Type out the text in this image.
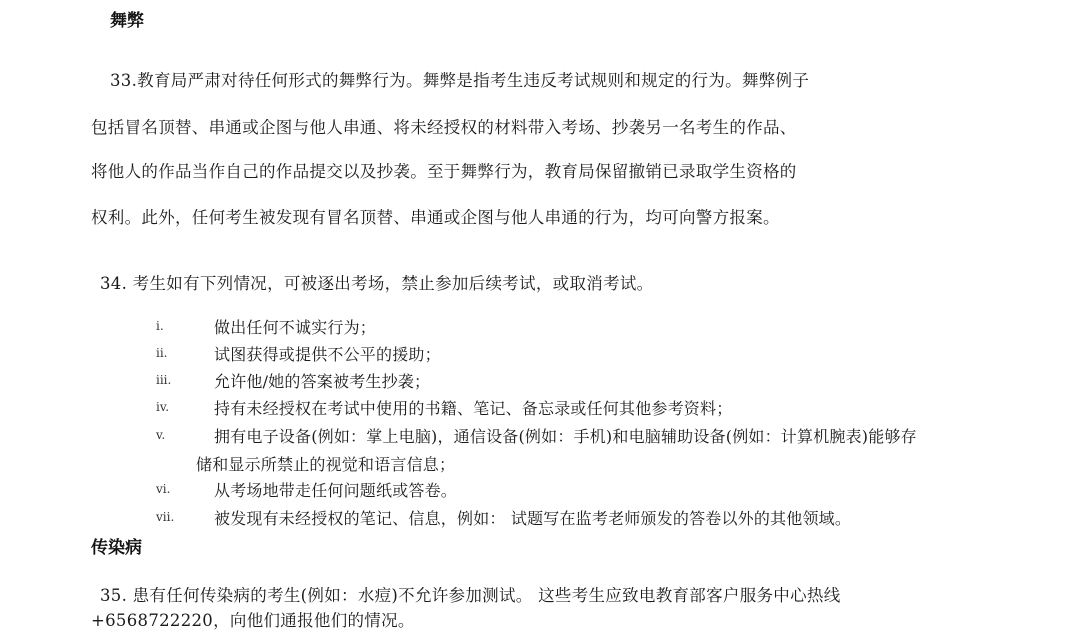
舞弊
33.教育局严肃对待任何形式的舞弊行为。舞弊是指考生违反考试规则和规定的行为。舞弊例子
包括冒名顶替、串通或企图与他人串通、将未经授权的材料带入考场、抄袭另一名考生的作品、
将他人的作品当作自己的作品提交以及抄袭。至于舞弊行为，教育局保留撤销已录取学生资格的
权利。此外，任何考生被发现有冒名顶替、串通或企图与他人串通的行为，均可向警方报案。
34. 考生如有下列情况，可被逐出考场，禁止参加后续考试，或取消考试。
i.	做出任何不诚实行为；
ii.	试图获得或提供不公平的援助；
iii.	允许他/她的答案被考生抄袭；
iv.	持有未经授权在考试中使用的书籍、笔记、备忘录或任何其他参考资料；
v.	拥有电子设备(例如：掌上电脑)，通信设备(例如：手机)和电脑辅助设备(例如：计算机腕表)能够存
储和显示所禁止的视觉和语言信息；
vi.	从考场地带走任何问题纸或答卷。
vii. 被发现有未经授权的笔记、信息，例如： 试题写在监考老师颁发的答卷以外的其他领域。
传染病
35. 患有任何传染病的考生(例如：水痘)不允许参加测试。 这些考生应致电教育部客户服务中心热线
+6568722220，向他们通报他们的情况。
